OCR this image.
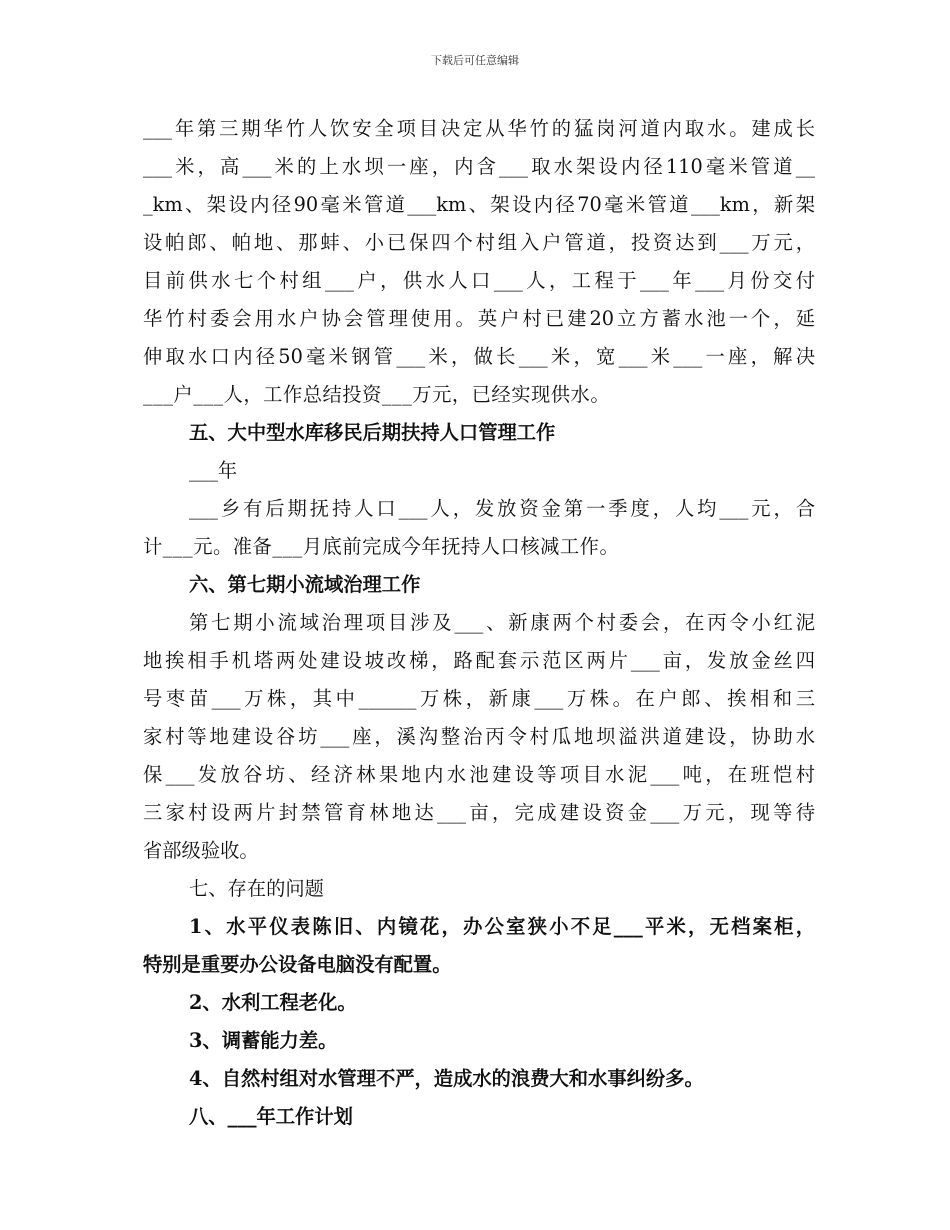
下载后可任意编辑
___年第三期华竹人饮安全项目决定从华竹的猛岗河道内取水。建成长
___米，高___米的上水坝一座，内含___取水架设内径110毫米管道__
_km、架设内径90毫米管道___km、架设内径70毫米管道___km，新架
设帕郎、帕地、那蚌、小已保四个村组入户管道，投资达到___万元，
目前供水七个村组___户，供水人口___人，工程于___年___月份交付
华竹村委会用水户协会管理使用。英户村已建20立方蓄水池一个，延
伸取水口内径50毫米钢管___米，做长___米，宽___米___一座，解决
___户___人，工作总结投资___万元，已经实现供水。
五、大中型水库移民后期扶持人口管理工作
___年
___乡有后期抚持人口___人，发放资金第一季度，人均___元，合
计___元。准备___月底前完成今年抚持人口核减工作。
六、第七期小流域治理工作
第七期小流域治理项目涉及___、新康两个村委会，在丙令小红泥
地挨相手机塔两处建设坡改梯，路配套示范区两片___亩，发放金丝四
号枣苗___万株，其中______万株，新康___万株。在户郎、挨相和三
家村等地建设谷坊___座，溪沟整治丙令村瓜地坝溢洪道建设，协助水
保___发放谷坊、经济林果地内水池建设等项目水泥___吨，在班恺村
三家村设两片封禁管育林地达___亩，完成建设资金___万元，现等待
省部级验收。
七、存在的问题
1、水平仪表陈旧、内镜花，办公室狭小不足___平米，无档案柜，
特别是重要办公设备电脑没有配置。
2、水利工程老化。
3、调蓄能力差。
4、自然村组对水管理不严，造成水的浪费大和水事纠纷多。
八、___年工作计划
